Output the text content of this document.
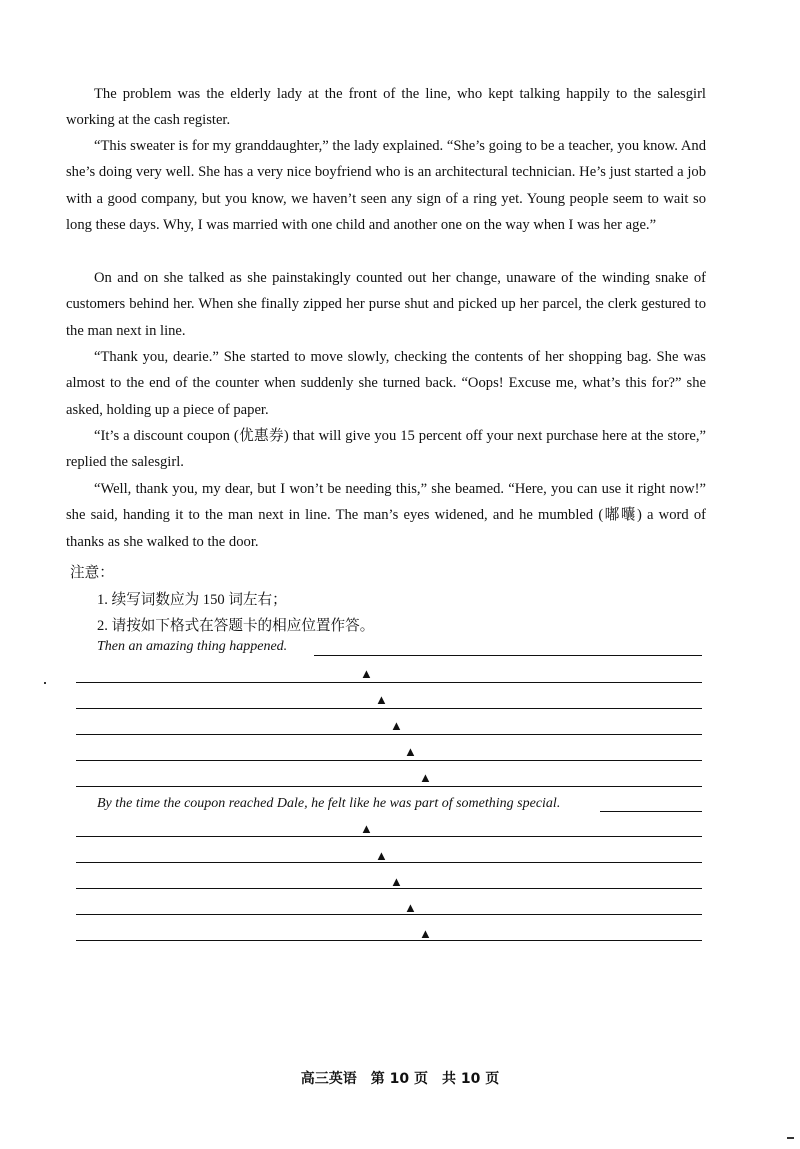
The problem was the elderly lady at the front of the line, who kept talking happily to the salesgirl working at the cash register.

“This sweater is for my granddaughter,” the lady explained. “She’s going to be a teacher, you know. And she’s doing very well. She has a very nice boyfriend who is an architectural technician. He’s just started a job with a good company, but you know, we haven’t seen any sign of a ring yet. Young people seem to wait so long these days. Why, I was married with one child and another one on the way when I was her age.”

On and on she talked as she painstakingly counted out her change, unaware of the winding snake of customers behind her. When she finally zipped her purse shut and picked up her parcel, the clerk gestured to the man next in line.

“Thank you, dearie.” She started to move slowly, checking the contents of her shopping bag. She was almost to the end of the counter when suddenly she turned back. “Oops! Excuse me, what’s this for?” she asked, holding up a piece of paper.

“It’s a discount coupon (优惠券) that will give you 15 percent off your next purchase here at the store,” replied the salesgirl.

“Well, thank you, my dear, but I won’t be needing this,” she beamed. “Here, you can use it right now!” she said, handing it to the man next in line. The man’s eyes widened, and he mumbled (嘟囔) a word of thanks as she walked to the door.

注意：
1. 续写词数应为 150 词左右；
2. 请按如下格式在答题卡的相应位置作答。
Then an amazing thing happened.
▲
▲
▲
▲
▲
By the time the coupon reached Dale, he felt like he was part of something special.
▲
▲
▲
▲
▲
高三英语　第 10 页　共 10 页
